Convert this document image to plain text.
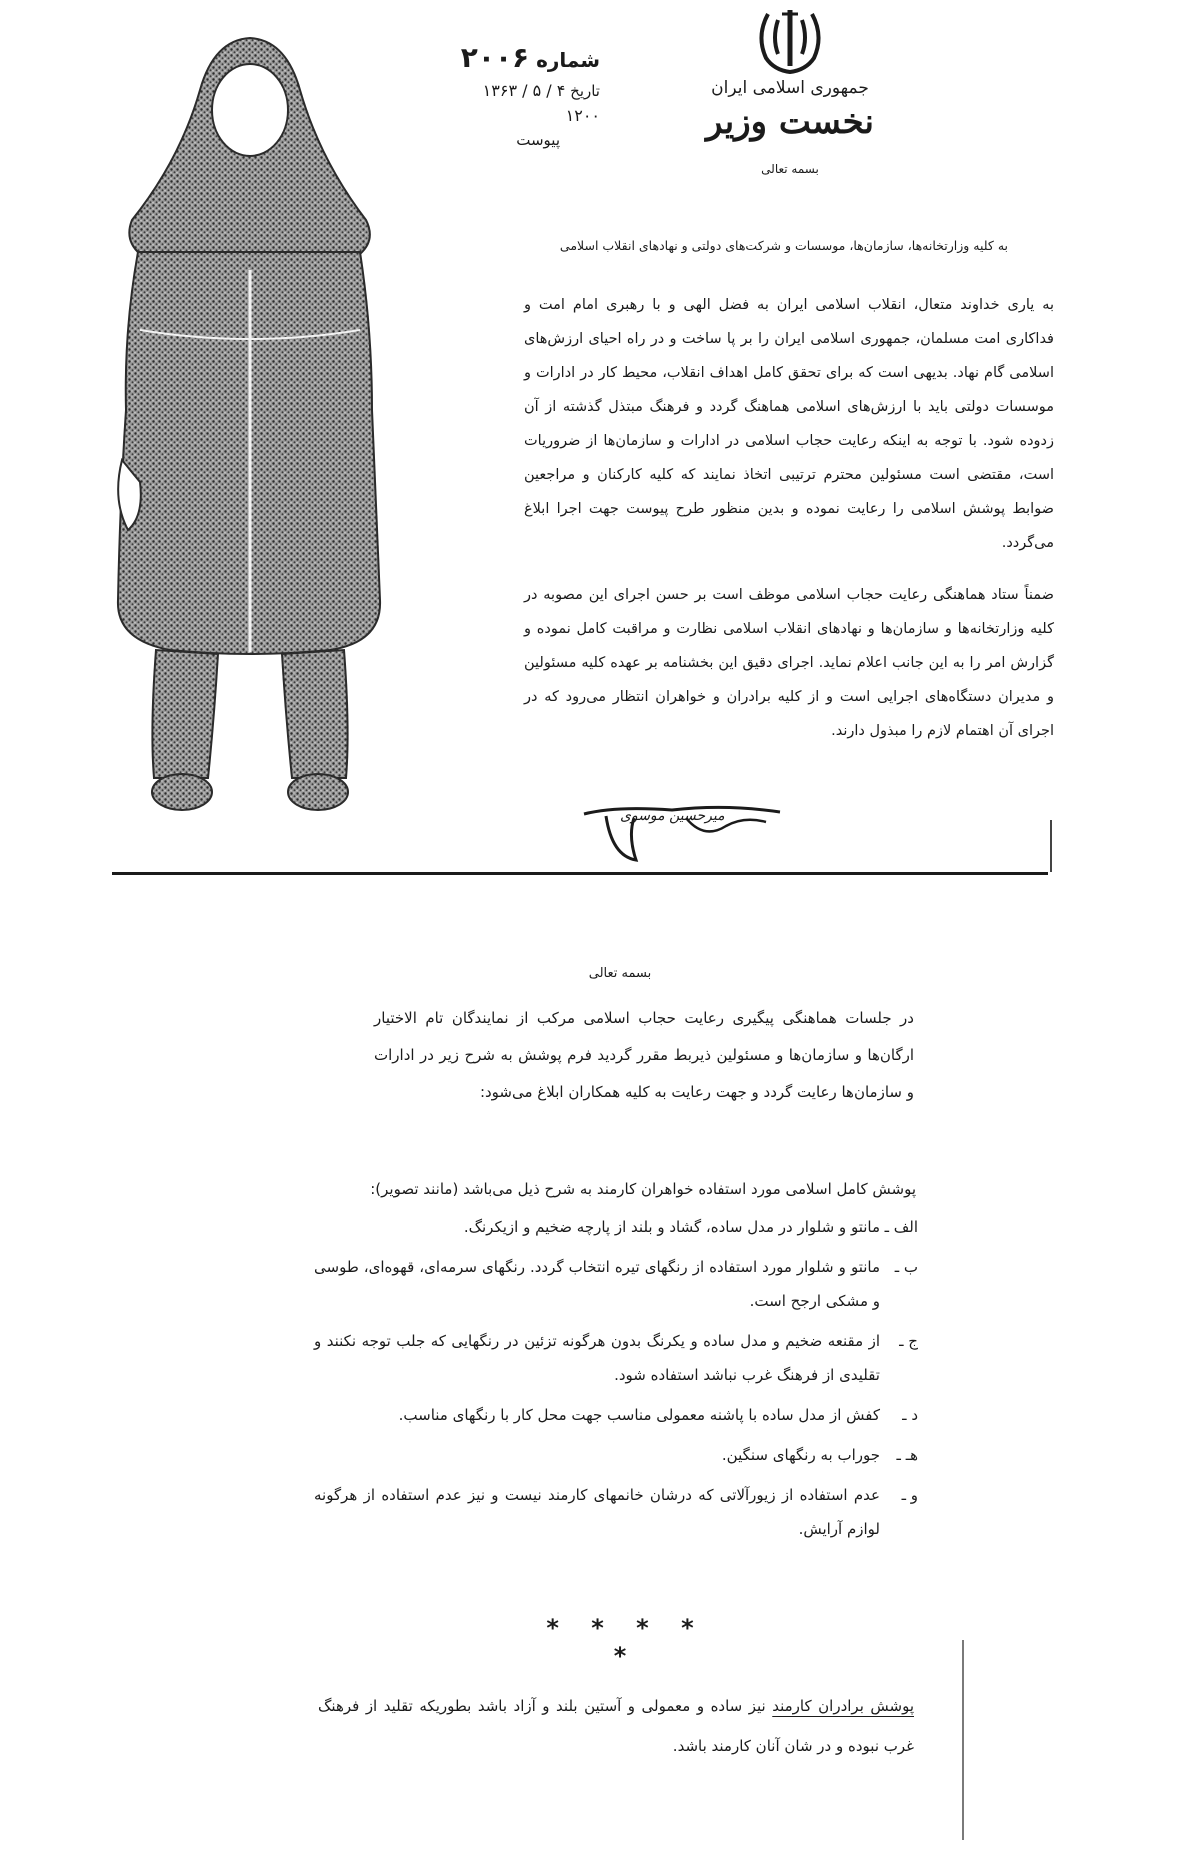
جمهوری اسلامی ایران
نخست وزیر
بسمه تعالی
شماره ۲۰۰۶
تاریخ ۴ / ۵ / ۱۳۶۳
۱۲۰۰
پیوست
به کلیه وزارتخانه‌ها، سازمان‌ها، موسسات و شرکت‌های دولتی و نهادهای انقلاب اسلامی

به یاری خداوند متعال، انقلاب اسلامی ایران به فضل الهی و با رهبری امام امت و فداکاری امت مسلمان، جمهوری اسلامی ایران را بر پا ساخت و در راه احیای ارزش‌های اسلامی گام نهاد. بدیهی است که برای تحقق کامل اهداف انقلاب، محیط کار در ادارات و موسسات دولتی باید با ارزش‌های اسلامی هماهنگ گردد و فرهنگ مبتذل گذشته از آن زدوده شود. با توجه به اینکه رعایت حجاب اسلامی در ادارات و سازمان‌ها از ضروریات است، مقتضی است مسئولین محترم ترتیبی اتخاذ نمایند که کلیه کارکنان و مراجعین ضوابط پوشش اسلامی را رعایت نموده و بدین منظور طرح پیوست جهت اجرا ابلاغ می‌گردد.

ضمناً ستاد هماهنگی رعایت حجاب اسلامی موظف است بر حسن اجرای این مصوبه در کلیه وزارتخانه‌ها و سازمان‌ها و نهادهای انقلاب اسلامی نظارت و مراقبت کامل نموده و گزارش امر را به این جانب اعلام نماید. اجرای دقیق این بخشنامه بر عهده کلیه مسئولین و مدیران دستگاه‌های اجرایی است و از کلیه برادران و خواهران انتظار می‌رود که در اجرای آن اهتمام لازم را مبذول دارند.

میرحسین موسوی
بسمه تعالی
در جلسات هماهنگی پیگیری رعایت حجاب اسلامی مرکب از نمایندگان تام الاختیار ارگان‌ها و سازمان‌ها و مسئولین ذیربط مقرر گردید فرم پوشش به شرح زیر در ادارات و سازمان‌ها رعایت گردد و جهت رعایت به کلیه همکاران ابلاغ می‌شود:
پوشش کامل اسلامی مورد استفاده خواهران کارمند به شرح ذیل می‌باشد (مانند تصویر):
الف ـ
مانتو و شلوار در مدل ساده، گشاد و بلند از پارچه ضخیم و ازیکرنگ.
ب ـ
مانتو و شلوار مورد استفاده از رنگهای تیره انتخاب گردد. رنگهای سرمه‌ای، قهوه‌ای، طوسی و مشکی ارجح است.
ج ـ
از مقنعه ضخیم و مدل ساده و یکرنگ بدون هرگونه تزئین در رنگهایی که جلب توجه نکنند و تقلیدی از فرهنگ غرب نباشد استفاده شود.
د ـ
کفش از مدل ساده با پاشنه معمولی مناسب جهت محل کار با رنگهای مناسب.
هـ ـ
جوراب به رنگهای سنگین.
و ـ
عدم استفاده از زیورآلاتی که درشان خانمهای کارمند نیست و نیز عدم استفاده از هرگونه لوازم آرایش.
* * * * *
پوشش برادران کارمند نیز ساده و معمولی و آستین بلند و آزاد باشد بطوریکه تقلید از فرهنگ غرب نبوده و در شان آنان کارمند باشد.
